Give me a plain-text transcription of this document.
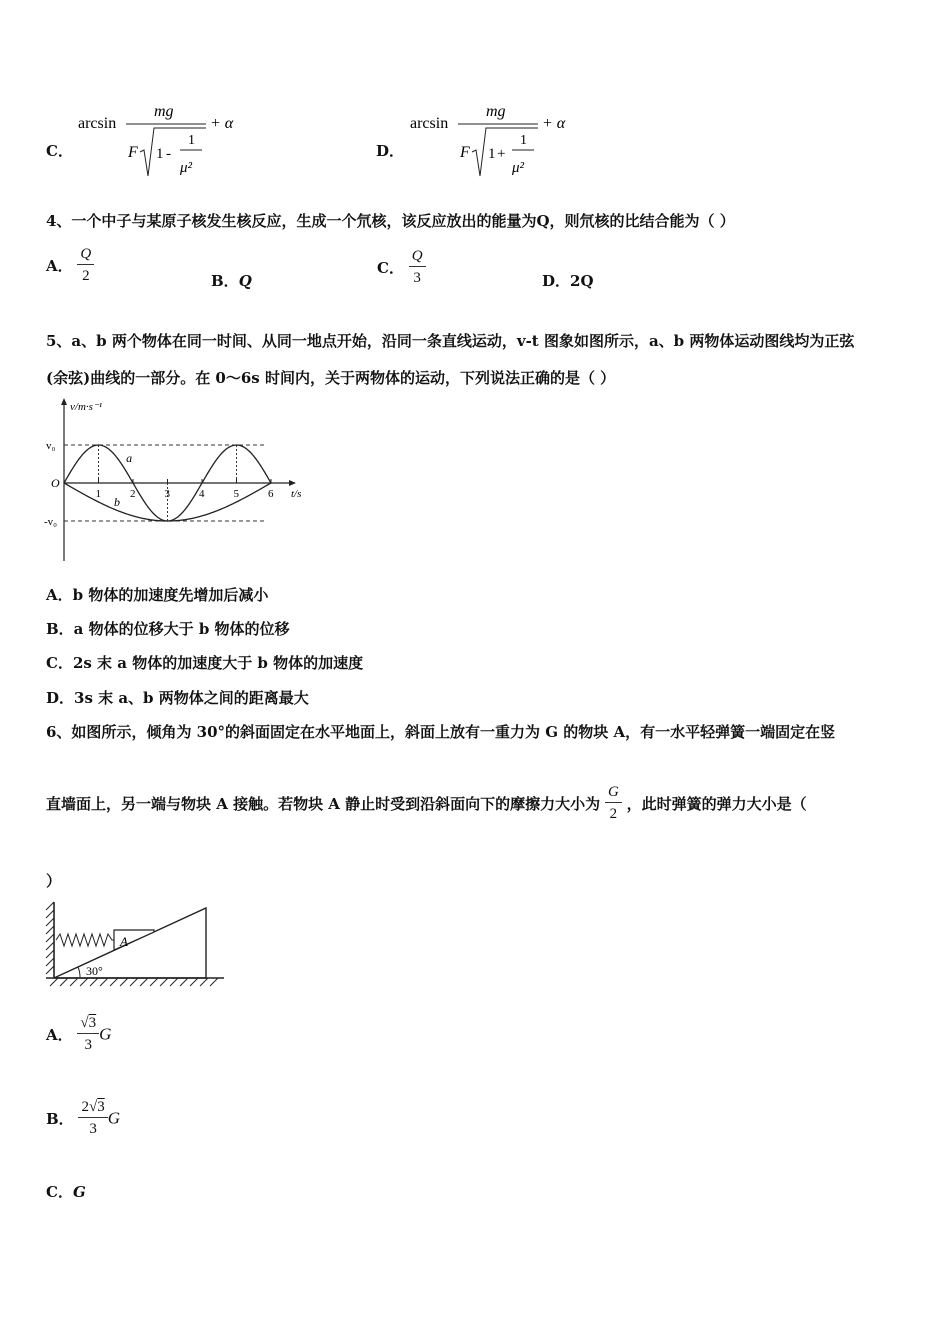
C．
arcsin
mg
F 1 -
1
μ²
+ α
D．
arcsin
mg
F 1 +
1
μ²
+ α
4、一个中子与某原子核发生核反应，生成一个氘核，该反应放出的能量为Q，则氘核的比结合能为（ ）
A． $\frac{Q}{2}$	B．Q
C． $\frac{Q}{3}$	D．2Q
5、a、b 两个物体在同一时间、从同一地点开始，沿同一条直线运动，v-t 图象如图所示，a、b 两物体运动图线均为正弦
(余弦)曲线的一部分。在 0～6s 时间内，关于两物体的运动，下列说法正确的是（ ）
v/m·s⁻¹
t/s
O
v₀
-v₀
1	2	3	4	5	6
a
b
A．b 物体的加速度先增加后减小
B．a 物体的位移大于 b 物体的位移
C．2s 末 a 物体的加速度大于 b 物体的加速度
D．3s 末 a、b 两物体之间的距离最大
6、如图所示，倾角为 30°的斜面固定在水平地面上，斜面上放有一重力为 G 的物块 A，有一水平轻弹簧一端固定在竖
直墙面上，另一端与物块 A 接触。若物块 A 静止时受到沿斜面向下的摩擦力大小为 $\frac{G}{2}$ ，此时弹簧的弹力大小是（
）
A
30°
A． $\frac{√3}{3}$ G
B． $\frac{2√3}{3}$ G
C．G
